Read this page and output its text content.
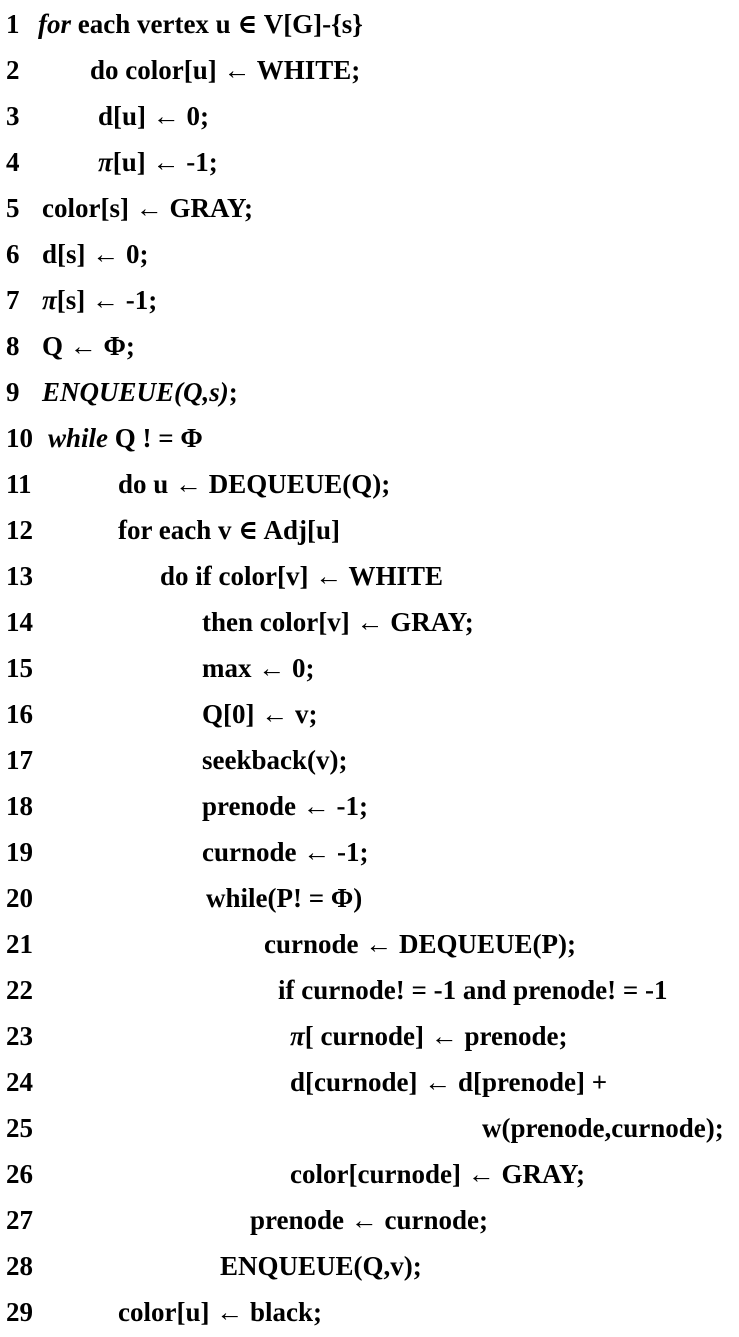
1 for each vertex u ∈ V[G]-{s}
2	do color[u] ← WHITE;
3	d[u] ← 0;
4	π[u] ← -1;
5 color[s] ← GRAY;
6 d[s] ← 0;
7 π[s] ← -1;
8 Q ← Φ;
9 ENQUEUE(Q,s);
10 while Q ! = Φ
11	do u ← DEQUEUE(Q);
12	for each v ∈ Adj[u]
13	do if color[v] ← WHITE
14	then color[v] ← GRAY;
15	max ← 0;
16	Q[0] ← v;
17	seekback(v);
18	prenode ← -1;
19	curnode ← -1;
20	while(P! = Φ)
21	curnode ← DEQUEUE(P);
22	if curnode! = -1 and prenode! = -1
23	π[ curnode] ← prenode;
24	d[curnode] ← d[prenode] +
25	w(prenode,curnode);
26	color[curnode] ← GRAY;
27	prenode ← curnode;
28	ENQUEUE(Q,v);
29	color[u] ← black;
